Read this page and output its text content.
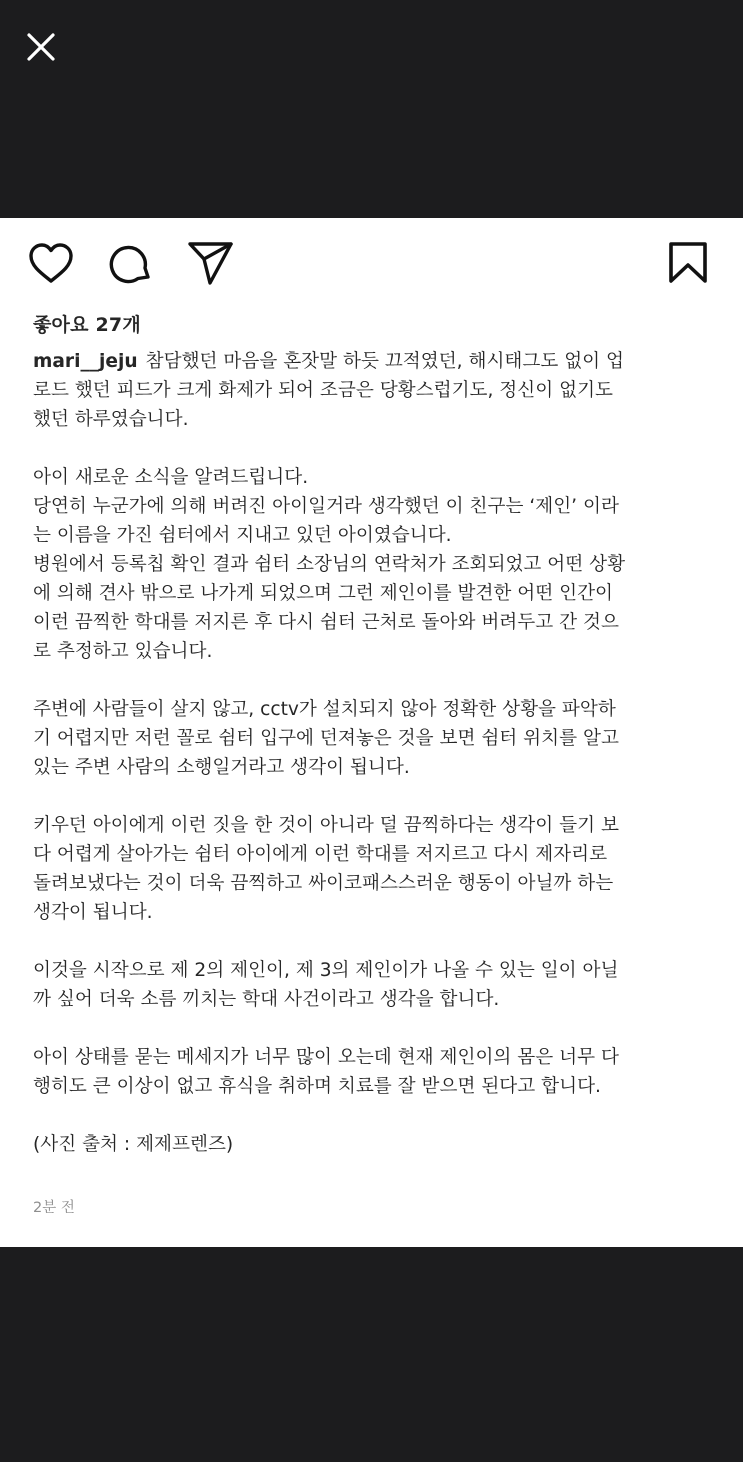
좋아요 27개

mari__jeju 참담했던 마음을 혼잣말 하듯 끄적였던, 해시태그도 없이 업
로드 했던 피드가 크게 화제가 되어 조금은 당황스럽기도, 정신이 없기도
했던 하루였습니다.

아이 새로운 소식을 알려드립니다.

당연히 누군가에 의해 버려진 아이일거라 생각했던 이 친구는 ‘제인’ 이라
는 이름을 가진 쉼터에서 지내고 있던 아이였습니다.

병원에서 등록칩 확인 결과 쉼터 소장님의 연락처가 조회되었고 어떤 상황
에 의해 견사 밖으로 나가게 되었으며 그런 제인이를 발견한 어떤 인간이
이런 끔찍한 학대를 저지른 후 다시 쉼터 근처로 돌아와 버려두고 간 것으
로 추정하고 있습니다.

주변에 사람들이 살지 않고, cctv가 설치되지 않아 정확한 상황을 파악하
기 어렵지만 저런 꼴로 쉼터 입구에 던져놓은 것을 보면 쉼터 위치를 알고
있는 주변 사람의 소행일거라고 생각이 됩니다.

키우던 아이에게 이런 짓을 한 것이 아니라 덜 끔찍하다는 생각이 들기 보
다 어렵게 살아가는 쉼터 아이에게 이런 학대를 저지르고 다시 제자리로
돌려보냈다는 것이 더욱 끔찍하고 싸이코패스스러운 행동이 아닐까 하는
생각이 됩니다.

이것을 시작으로 제 2의 제인이, 제 3의 제인이가 나올 수 있는 일이 아닐
까 싶어 더욱 소름 끼치는 학대 사건이라고 생각을 합니다.

아이 상태를 묻는 메세지가 너무 많이 오는데 현재 제인이의 몸은 너무 다
행히도 큰 이상이 없고 휴식을 취하며 치료를 잘 받으면 된다고 합니다.

(사진 출처 : 제제프렌즈)

2분 전
